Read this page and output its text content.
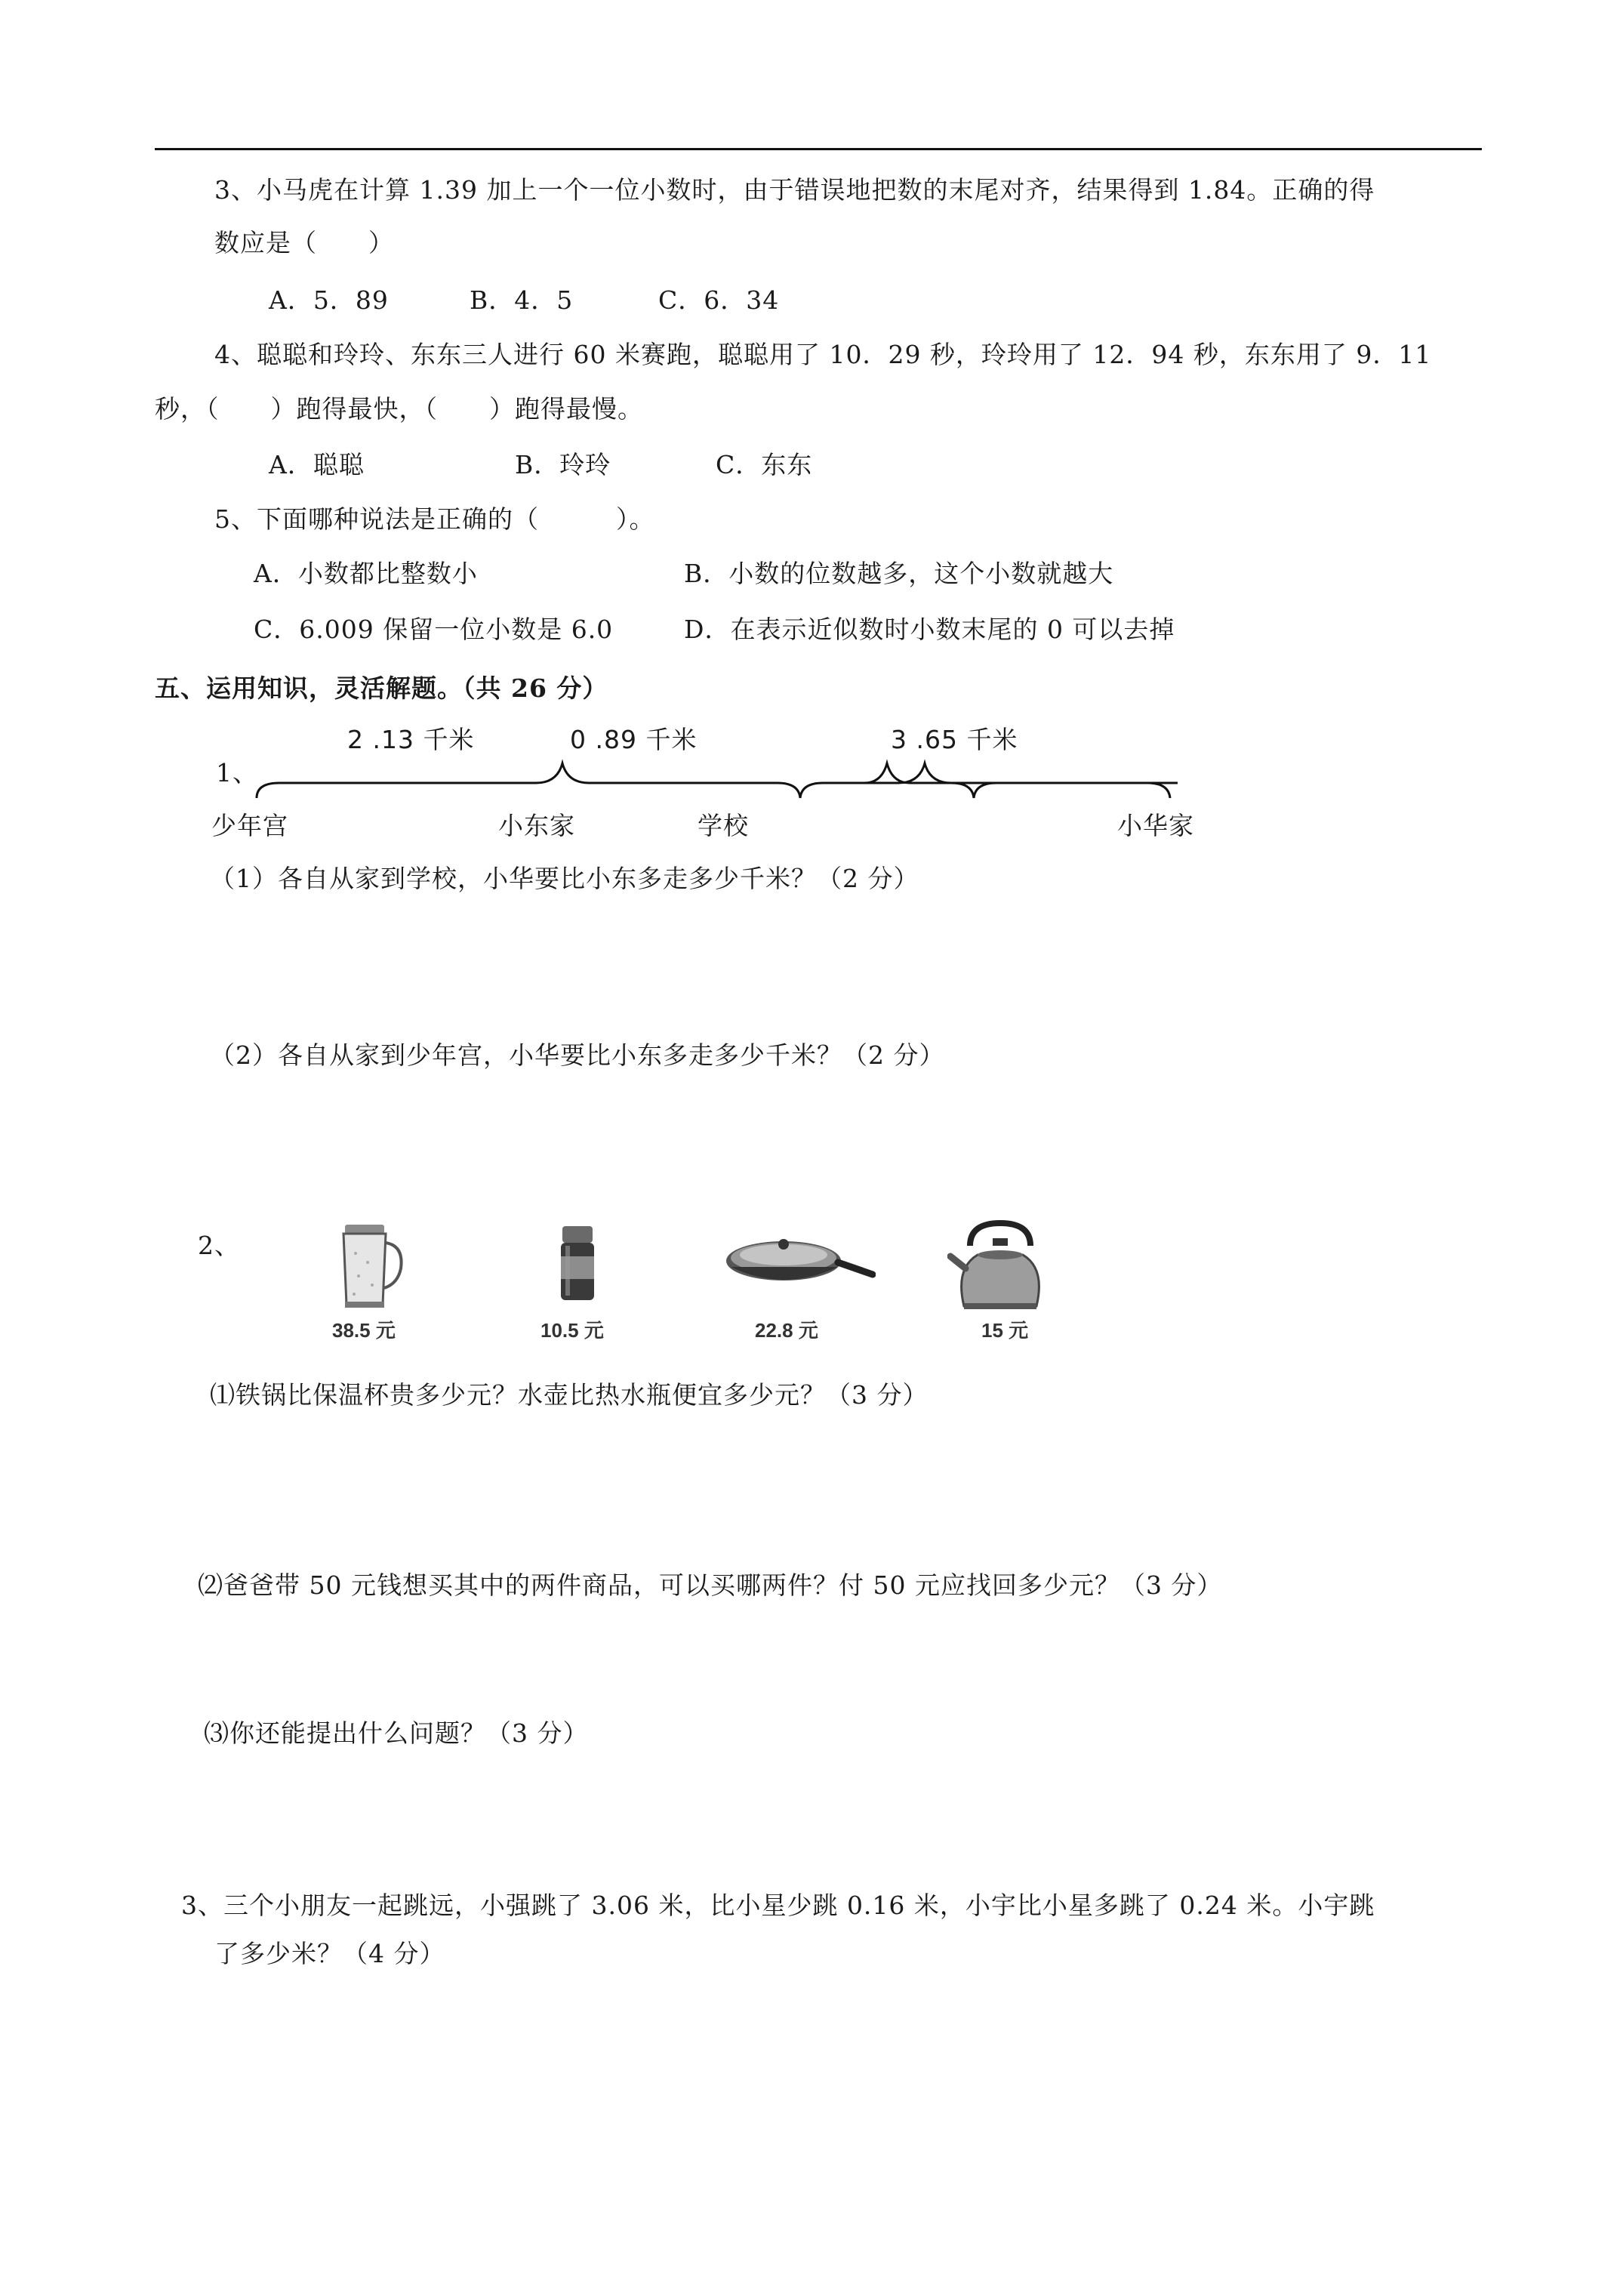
3、小马虎在计算 1.39 加上一个一位小数时，由于错误地把数的末尾对齐，结果得到 1.84。正确的得
数应是（　　）
A．5．89	B．4．5	C．6．34
4、聪聪和玲玲、东东三人进行 60 米赛跑，聪聪用了 10．29 秒，玲玲用了 12．94 秒，东东用了 9．11
秒，（　　）跑得最快，（　　）跑得最慢。
A．聪聪	B．玲玲	C．东东
5、下面哪种说法是正确的（　　　）。
A．小数都比整数小	B．小数的位数越多，这个小数就越大
C．6.009 保留一位小数是 6.0	D．在表示近似数时小数末尾的 0 可以去掉
五、运用知识，灵活解题。（共 26 分）
1、
2 .13 千米	0 .89 千米	3 .65 千米
少年宫	小东家	学校	小华家
（1）各自从家到学校，小华要比小东多走多少千米？（2 分）
（2）各自从家到少年宫，小华要比小东多走多少千米？（2 分）
2、
38.5 元	10.5 元	22.8 元	15 元
⑴铁锅比保温杯贵多少元？水壶比热水瓶便宜多少元？（3 分）
⑵爸爸带 50 元钱想买其中的两件商品，可以买哪两件？付 50 元应找回多少元？（3 分）
⑶你还能提出什么问题？（3 分）
3、三个小朋友一起跳远，小强跳了 3.06 米，比小星少跳 0.16 米，小宇比小星多跳了 0.24 米。小宇跳
了多少米？（4 分）
